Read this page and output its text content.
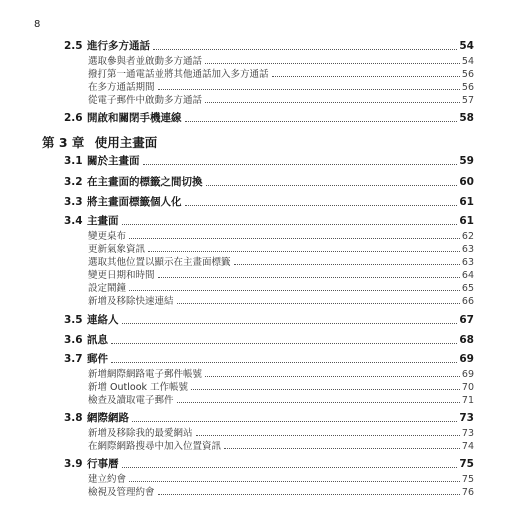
8
2.5 進行多方通話	54
選取參與者並啟動多方通話	54
撥打第一通電話並將其他通話加入多方通話	56
在多方通話期間	56
從電子郵件中啟動多方通話	57
2.6 開啟和關閉手機連線	58
第 3 章 使用主畫面
3.1 關於主畫面	59
3.2 在主畫面的標籤之間切換	60
3.3 將主畫面標籤個人化	61
3.4 主畫面	61
變更桌布	62
更新氣象資訊	63
選取其他位置以顯示在主畫面標籤	63
變更日期和時間	64
設定鬧鐘	65
新增及移除快速連結	66
3.5 連絡人	67
3.6 訊息	68
3.7 郵件	69
新增網際網路電子郵件帳號	69
新增 Outlook 工作帳號	70
檢查及讀取電子郵件	71
3.8 網際網路	73
新增及移除我的最愛網站	73
在網際網路搜尋中加入位置資訊	74
3.9 行事曆	75
建立約會	75
檢視及管理約會	76
